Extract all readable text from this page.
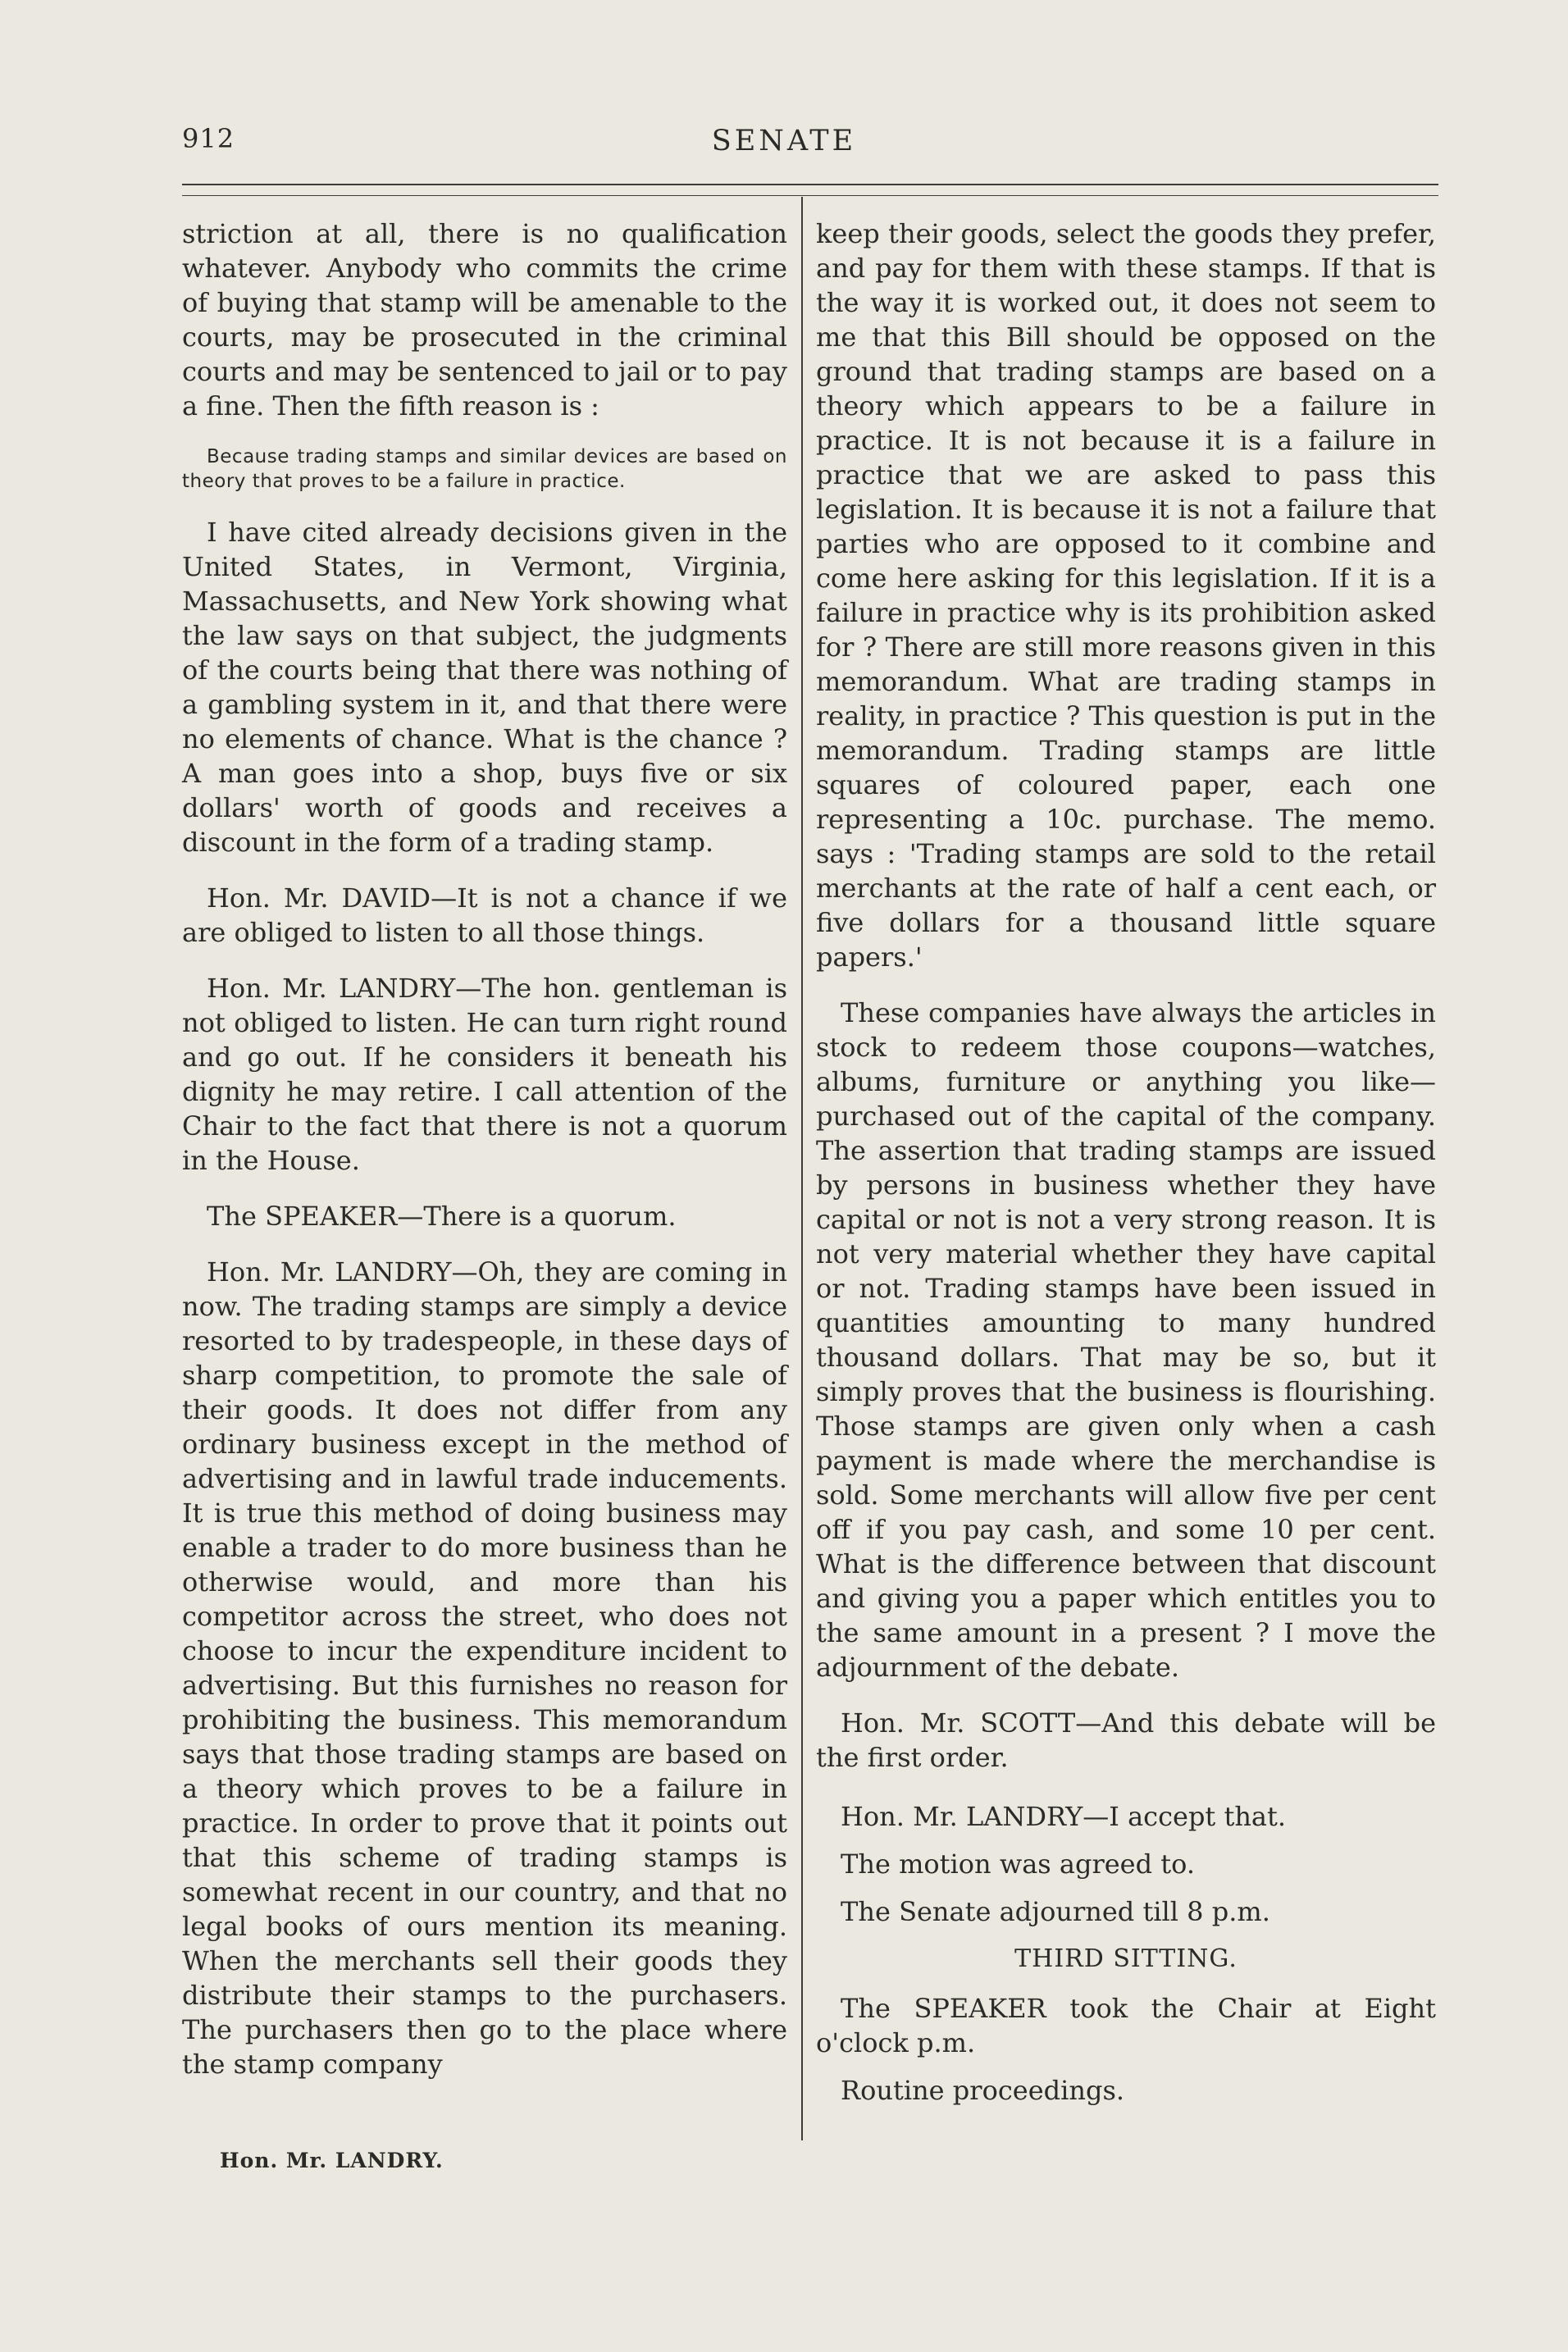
912	SENATE

striction at all, there is no qualification whatever. Anybody who commits the crime of buying that stamp will be amenable to the courts, may be prosecuted in the criminal courts and may be sentenced to jail or to pay a fine. Then the fifth reason is :

Because trading stamps and similar devices are based on theory that proves to be a failure in practice.

I have cited already decisions given in the United States, in Vermont, Virginia, Massachusetts, and New York showing what the law says on that subject, the judgments of the courts being that there was nothing of a gambling system in it, and that there were no elements of chance. What is the chance ? A man goes into a shop, buys five or six dollars' worth of goods and receives a discount in the form of a trading stamp.

Hon. Mr. DAVID—It is not a chance if we are obliged to listen to all those things.

Hon. Mr. LANDRY—The hon. gentleman is not obliged to listen. He can turn right round and go out. If he considers it beneath his dignity he may retire. I call attention of the Chair to the fact that there is not a quorum in the House.

The SPEAKER—There is a quorum.

Hon. Mr. LANDRY—Oh, they are coming in now. The trading stamps are simply a device resorted to by tradespeople, in these days of sharp competition, to promote the sale of their goods. It does not differ from any ordinary business except in the method of advertising and in lawful trade inducements. It is true this method of doing business may enable a trader to do more business than he otherwise would, and more than his competitor across the street, who does not choose to incur the expenditure incident to advertising. But this furnishes no reason for prohibiting the business. This memorandum says that those trading stamps are based on a theory which proves to be a failure in practice. In order to prove that it points out that this scheme of trading stamps is somewhat recent in our country, and that no legal books of ours mention its meaning. When the merchants sell their goods they distribute their stamps to the purchasers. The purchasers then go to the place where the stamp company

keep their goods, select the goods they prefer, and pay for them with these stamps. If that is the way it is worked out, it does not seem to me that this Bill should be opposed on the ground that trading stamps are based on a theory which appears to be a failure in practice. It is not because it is a failure in practice that we are asked to pass this legislation. It is because it is not a failure that parties who are opposed to it combine and come here asking for this legislation. If it is a failure in practice why is its prohibition asked for ? There are still more reasons given in this memorandum. What are trading stamps in reality, in practice ? This question is put in the memorandum. Trading stamps are little squares of coloured paper, each one representing a 10c. purchase. The memo. says : 'Trading stamps are sold to the retail merchants at the rate of half a cent each, or five dollars for a thousand little square papers.'

These companies have always the articles in stock to redeem those coupons—watches, albums, furniture or anything you like—purchased out of the capital of the company. The assertion that trading stamps are issued by persons in business whether they have capital or not is not a very strong reason. It is not very material whether they have capital or not. Trading stamps have been issued in quantities amounting to many hundred thousand dollars. That may be so, but it simply proves that the business is flourishing. Those stamps are given only when a cash payment is made where the merchandise is sold. Some merchants will allow five per cent off if you pay cash, and some 10 per cent. What is the difference between that discount and giving you a paper which entitles you to the same amount in a present ? I move the adjournment of the debate.

Hon. Mr. SCOTT—And this debate will be the first order.

Hon. Mr. LANDRY—I accept that.

The motion was agreed to.

The Senate adjourned till 8 p.m.

THIRD SITTING.

The SPEAKER took the Chair at Eight o'clock p.m.

Routine proceedings.

Hon. Mr. LANDRY.
